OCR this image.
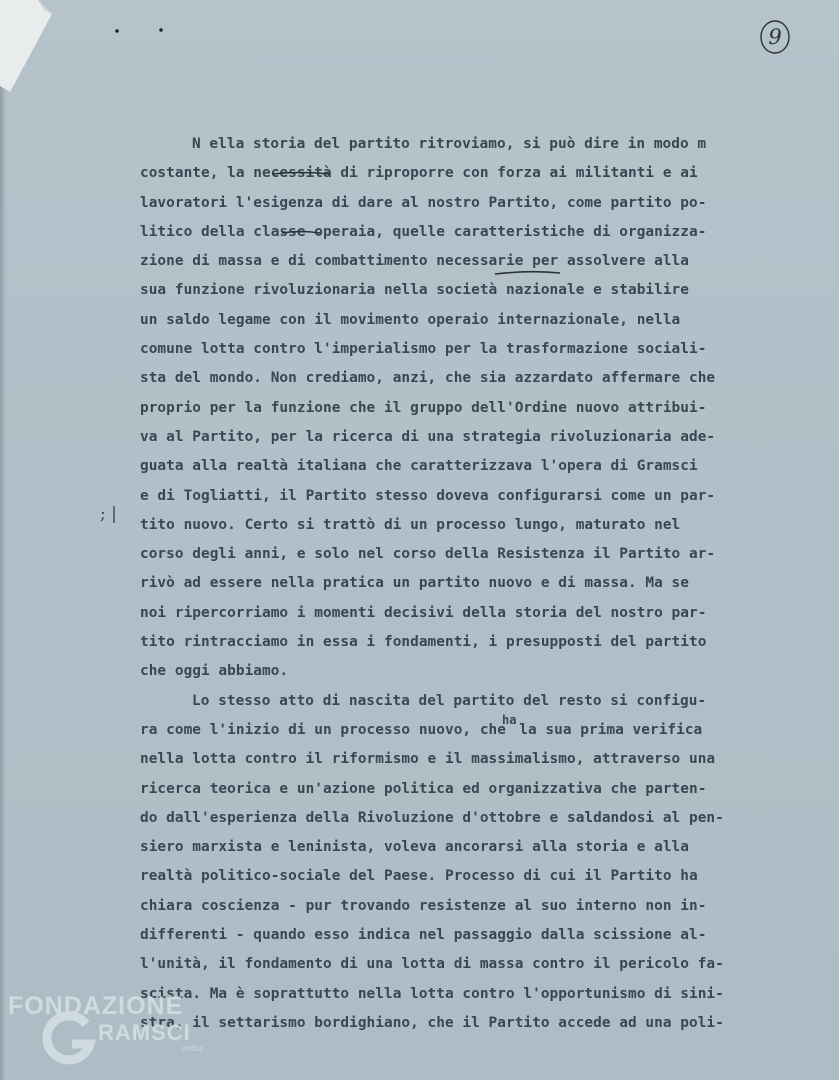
9
; |
N ella storia del partito ritroviamo, si può dire in modo m
costante, la necessità di riproporre con forza ai militanti e ai
lavoratori l'esigenza di dare al nostro Partito, come partito po-
litico della classe operaia, quelle caratteristiche di organizza-
zione di massa e di combattimento necessarie per assolvere alla
sua funzione rivoluzionaria nella società nazionale e stabilire
un saldo legame con il movimento operaio internazionale, nella
comune lotta contro l'imperialismo per la trasformazione sociali-
sta del mondo. Non crediamo, anzi, che sia azzardato affermare che
proprio per la funzione che il gruppo dell'Ordine nuovo attribui-
va al Partito, per la ricerca di una strategia rivoluzionaria ade-
guata alla realtà italiana che caratterizzava l'opera di Gramsci
e di Togliatti, il Partito stesso doveva configurarsi come un par-
tito nuovo. Certo si trattò di un processo lungo, maturato nel
corso degli anni, e solo nel corso della Resistenza il Partito ar-
rivò ad essere nella pratica un partito nuovo e di massa. Ma se
noi ripercorriamo i momenti decisivi della storia del nostro par-
tito rintracciamo in essa i fondamenti, i presupposti del partito
che oggi abbiamo.
Lo stesso atto di nascita del partito del resto si configu-
ra come l'inizio di un processo nuovo, che$^{ha}$ la sua prima verifica
nella lotta contro il riformismo e il massimalismo, attraverso una
ricerca teorica e un'azione politica ed organizzativa che parten-
do dall'esperienza della Rivoluzione d'ottobre e saldandosi al pen-
siero marxista e leninista, voleva ancorarsi alla storia e alla
realtà politico-sociale del Paese. Processo di cui il Partito ha
chiara coscienza - pur trovando resistenze al suo interno non in-
differenti - quando esso indica nel passaggio dalla scissione al-
l'unità, il fondamento di una lotta di massa contro il pericolo fa-
scista. Ma è soprattutto nella lotta contro l'opportunismo di sini-
stra, il settarismo bordighiano, che il Partito accede ad una poli-
FONDAZIONE
RAMSCI
onlus
